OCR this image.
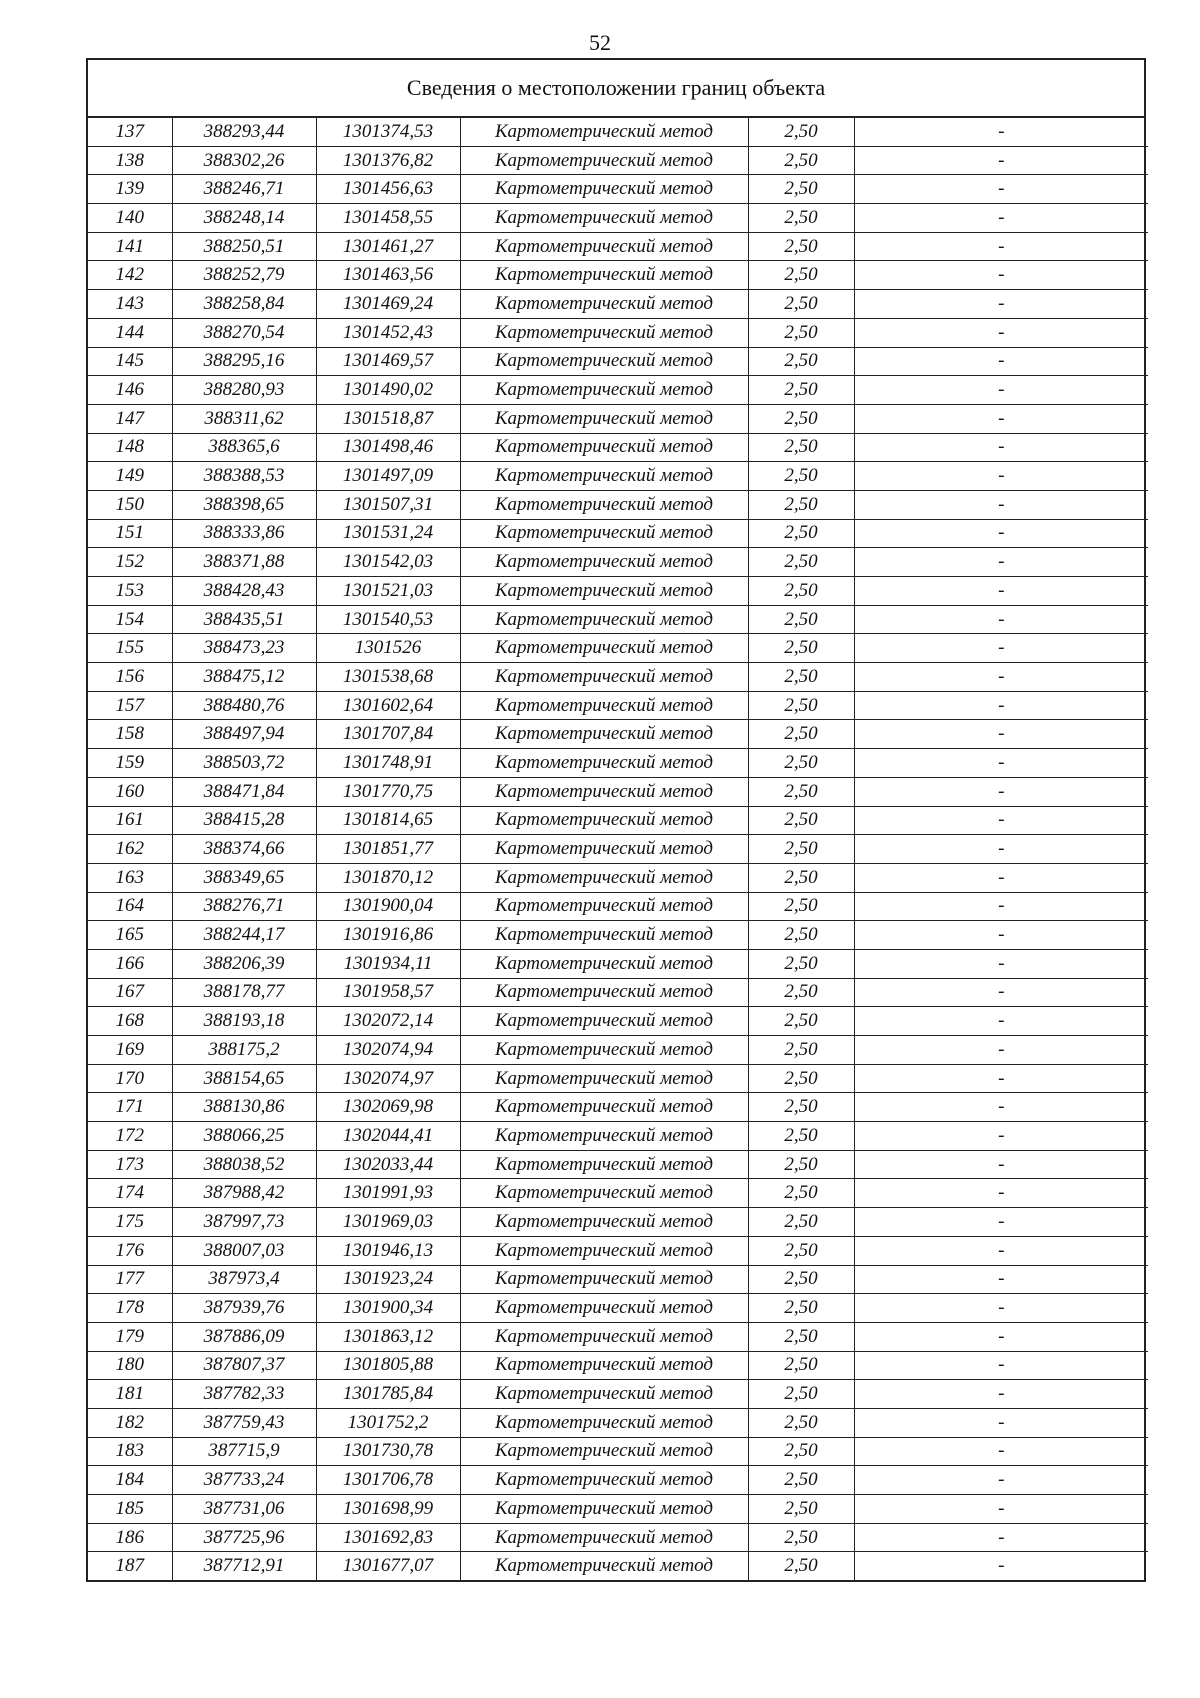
52
Сведения о местоположении границ объекта
137	388293,44	1301374,53	Картометрический метод	2,50	-
138	388302,26	1301376,82	Картометрический метод	2,50	-
139	388246,71	1301456,63	Картометрический метод	2,50	-
140	388248,14	1301458,55	Картометрический метод	2,50	-
141	388250,51	1301461,27	Картометрический метод	2,50	-
142	388252,79	1301463,56	Картометрический метод	2,50	-
143	388258,84	1301469,24	Картометрический метод	2,50	-
144	388270,54	1301452,43	Картометрический метод	2,50	-
145	388295,16	1301469,57	Картометрический метод	2,50	-
146	388280,93	1301490,02	Картометрический метод	2,50	-
147	388311,62	1301518,87	Картометрический метод	2,50	-
148	388365,6	1301498,46	Картометрический метод	2,50	-
149	388388,53	1301497,09	Картометрический метод	2,50	-
150	388398,65	1301507,31	Картометрический метод	2,50	-
151	388333,86	1301531,24	Картометрический метод	2,50	-
152	388371,88	1301542,03	Картометрический метод	2,50	-
153	388428,43	1301521,03	Картометрический метод	2,50	-
154	388435,51	1301540,53	Картометрический метод	2,50	-
155	388473,23	1301526	Картометрический метод	2,50	-
156	388475,12	1301538,68	Картометрический метод	2,50	-
157	388480,76	1301602,64	Картометрический метод	2,50	-
158	388497,94	1301707,84	Картометрический метод	2,50	-
159	388503,72	1301748,91	Картометрический метод	2,50	-
160	388471,84	1301770,75	Картометрический метод	2,50	-
161	388415,28	1301814,65	Картометрический метод	2,50	-
162	388374,66	1301851,77	Картометрический метод	2,50	-
163	388349,65	1301870,12	Картометрический метод	2,50	-
164	388276,71	1301900,04	Картометрический метод	2,50	-
165	388244,17	1301916,86	Картометрический метод	2,50	-
166	388206,39	1301934,11	Картометрический метод	2,50	-
167	388178,77	1301958,57	Картометрический метод	2,50	-
168	388193,18	1302072,14	Картометрический метод	2,50	-
169	388175,2	1302074,94	Картометрический метод	2,50	-
170	388154,65	1302074,97	Картометрический метод	2,50	-
171	388130,86	1302069,98	Картометрический метод	2,50	-
172	388066,25	1302044,41	Картометрический метод	2,50	-
173	388038,52	1302033,44	Картометрический метод	2,50	-
174	387988,42	1301991,93	Картометрический метод	2,50	-
175	387997,73	1301969,03	Картометрический метод	2,50	-
176	388007,03	1301946,13	Картометрический метод	2,50	-
177	387973,4	1301923,24	Картометрический метод	2,50	-
178	387939,76	1301900,34	Картометрический метод	2,50	-
179	387886,09	1301863,12	Картометрический метод	2,50	-
180	387807,37	1301805,88	Картометрический метод	2,50	-
181	387782,33	1301785,84	Картометрический метод	2,50	-
182	387759,43	1301752,2	Картометрический метод	2,50	-
183	387715,9	1301730,78	Картометрический метод	2,50	-
184	387733,24	1301706,78	Картометрический метод	2,50	-
185	387731,06	1301698,99	Картометрический метод	2,50	-
186	387725,96	1301692,83	Картометрический метод	2,50	-
187	387712,91	1301677,07	Картометрический метод	2,50	-
